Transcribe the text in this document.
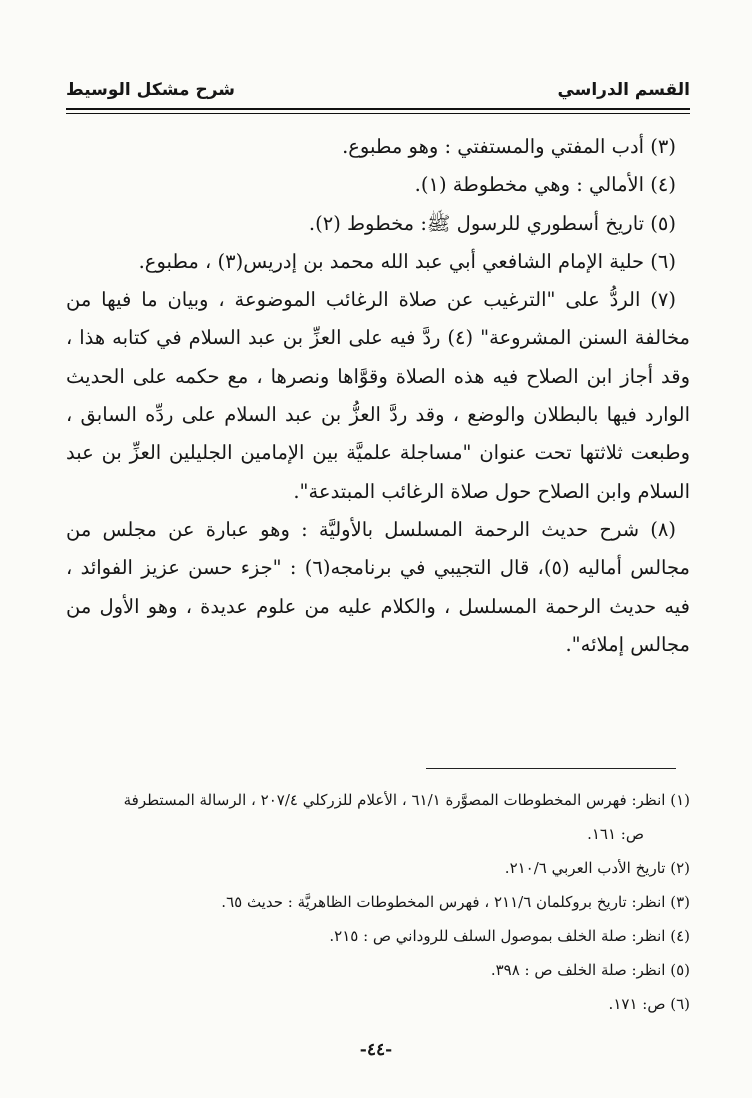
القسم الدراسي
شرح مشكل الوسيط

(٣) أدب المفتي والمستفتي : وهو مطبوع.

(٤) الأمالي : وهي مخطوطة (١).

(٥) تاريخ أسطوري للرسول ﷺ: مخطوط (٢).

(٦) حلية الإمام الشافعي أبي عبد الله محمد بن إدريس(٣) ، مطبوع.

(٧) الردُّ على "الترغيب عن صلاة الرغائب الموضوعة ، وبيان ما فيها من مخالفة السنن المشروعة" (٤) ردَّ فيه على العزِّ بن عبد السلام في كتابه هذا ، وقد أجاز ابن الصلاح فيه هذه الصلاة وقوَّاها ونصرها ، مع حكمه على الحديث الوارد فيها بالبطلان والوضع ، وقد ردَّ العزُّ بن عبد السلام على ردِّه السابق ، وطبعت ثلاثتها تحت عنوان "مساجلة علميَّة بين الإمامين الجليلين العزِّ بن عبد السلام وابن الصلاح حول صلاة الرغائب المبتدعة".

(٨) شرح حديث الرحمة المسلسل بالأوليَّة : وهو عبارة عن مجلس من مجالس أماليه (٥)، قال التجيبي في برنامجه(٦) : "جزء حسن عزيز الفوائد ، فيه حديث الرحمة المسلسل ، والكلام عليه من علوم عديدة ، وهو الأول من مجالس إملائه".

(١) انظر: فهرس المخطوطات المصوَّرة ٦١/١ ، الأعلام للزركلي ٢٠٧/٤ ، الرسالة المستطرفة

ص: ١٦١.

(٢) تاريخ الأدب العربي ٢١٠/٦.

(٣) انظر: تاريخ بروكلمان ٢١١/٦ ، فهرس المخطوطات الظاهريَّة : حديث ٦٥.

(٤) انظر: صلة الخلف بموصول السلف للروداني ص : ٢١٥.

(٥) انظر: صلة الخلف ص : ٣٩٨.

(٦) ص: ١٧١.

-٤٤-
